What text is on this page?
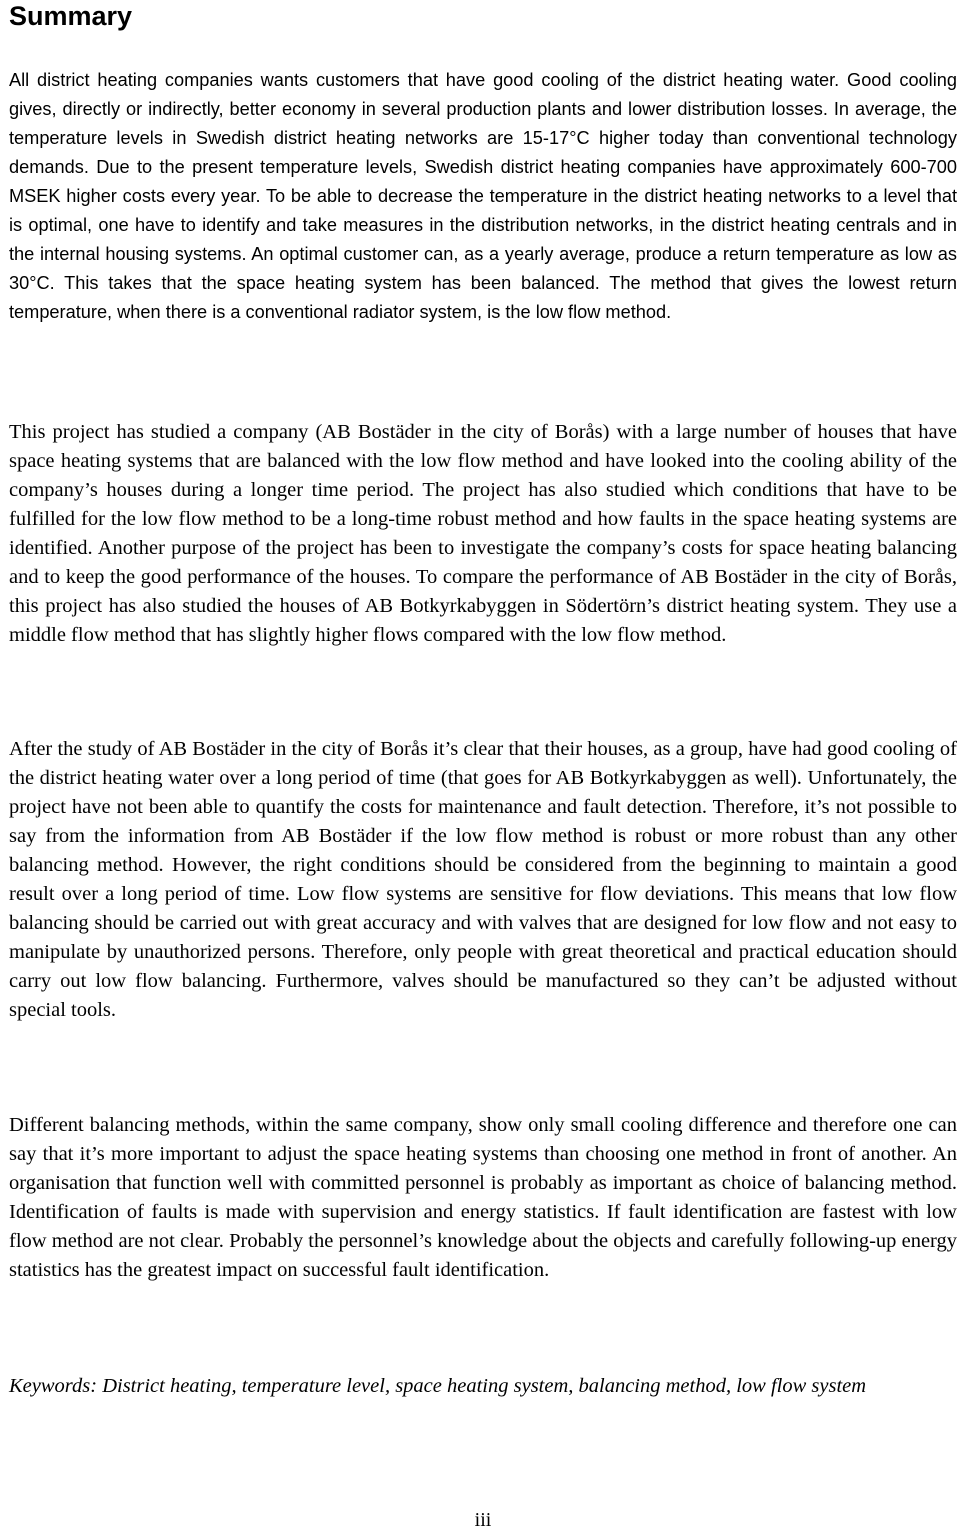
Summary

All district heating companies wants customers that have good cooling of the district heating water. Good cooling gives, directly or indirectly, better economy in several production plants and lower distribution losses. In average, the temperature levels in Swedish district heating networks are 15-17°C higher today than conventional technology demands. Due to the present temperature levels, Swedish district heating companies have approximately 600-700 MSEK higher costs every year. To be able to decrease the temperature in the district heating networks to a level that is optimal, one have to identify and take measures in the distribution networks, in the district heating centrals and in the internal housing systems. An optimal customer can, as a yearly average, produce a return temperature as low as 30°C. This takes that the space heating system has been balanced. The method that gives the lowest return temperature, when there is a conventional radiator system, is the low flow method.

This project has studied a company (AB Bostäder in the city of Borås) with a large number of houses that have space heating systems that are balanced with the low flow method and have looked into the cooling ability of the company’s houses during a longer time period. The project has also studied which conditions that have to be fulfilled for the low flow method to be a long-time robust method and how faults in the space heating systems are identified. Another purpose of the project has been to investigate the company’s costs for space heating balancing and to keep the good performance of the houses. To compare the performance of AB Bostäder in the city of Borås, this project has also studied the houses of AB Botkyrkabyggen in Södertörn’s district heating system. They use a middle flow method that has slightly higher flows compared with the low flow method.

After the study of AB Bostäder in the city of Borås it’s clear that their houses, as a group, have had good cooling of the district heating water over a long period of time (that goes for AB Botkyrkabyggen as well). Unfortunately, the project have not been able to quantify the costs for maintenance and fault detection. Therefore, it’s not possible to say from the information from AB Bostäder if the low flow method is robust or more robust than any other balancing method. However, the right conditions should be considered from the beginning to maintain a good result over a long period of time. Low flow systems are sensitive for flow deviations. This means that low flow balancing should be carried out with great accuracy and with valves that are designed for low flow and not easy to manipulate by unauthorized persons. Therefore, only people with great theoretical and practical education should carry out low flow balancing. Furthermore, valves should be manufactured so they can’t be adjusted without special tools.

Different balancing methods, within the same company, show only small cooling difference and therefore one can say that it’s more important to adjust the space heating systems than choosing one method in front of another. An organisation that function well with committed personnel is probably as important as choice of balancing method. Identification of faults is made with supervision and energy statistics. If fault identification are fastest with low flow method are not clear. Probably the personnel’s knowledge about the objects and carefully following-up energy statistics has the greatest impact on successful fault identification.

Keywords: District heating, temperature level, space heating system, balancing method, low flow system

iii
